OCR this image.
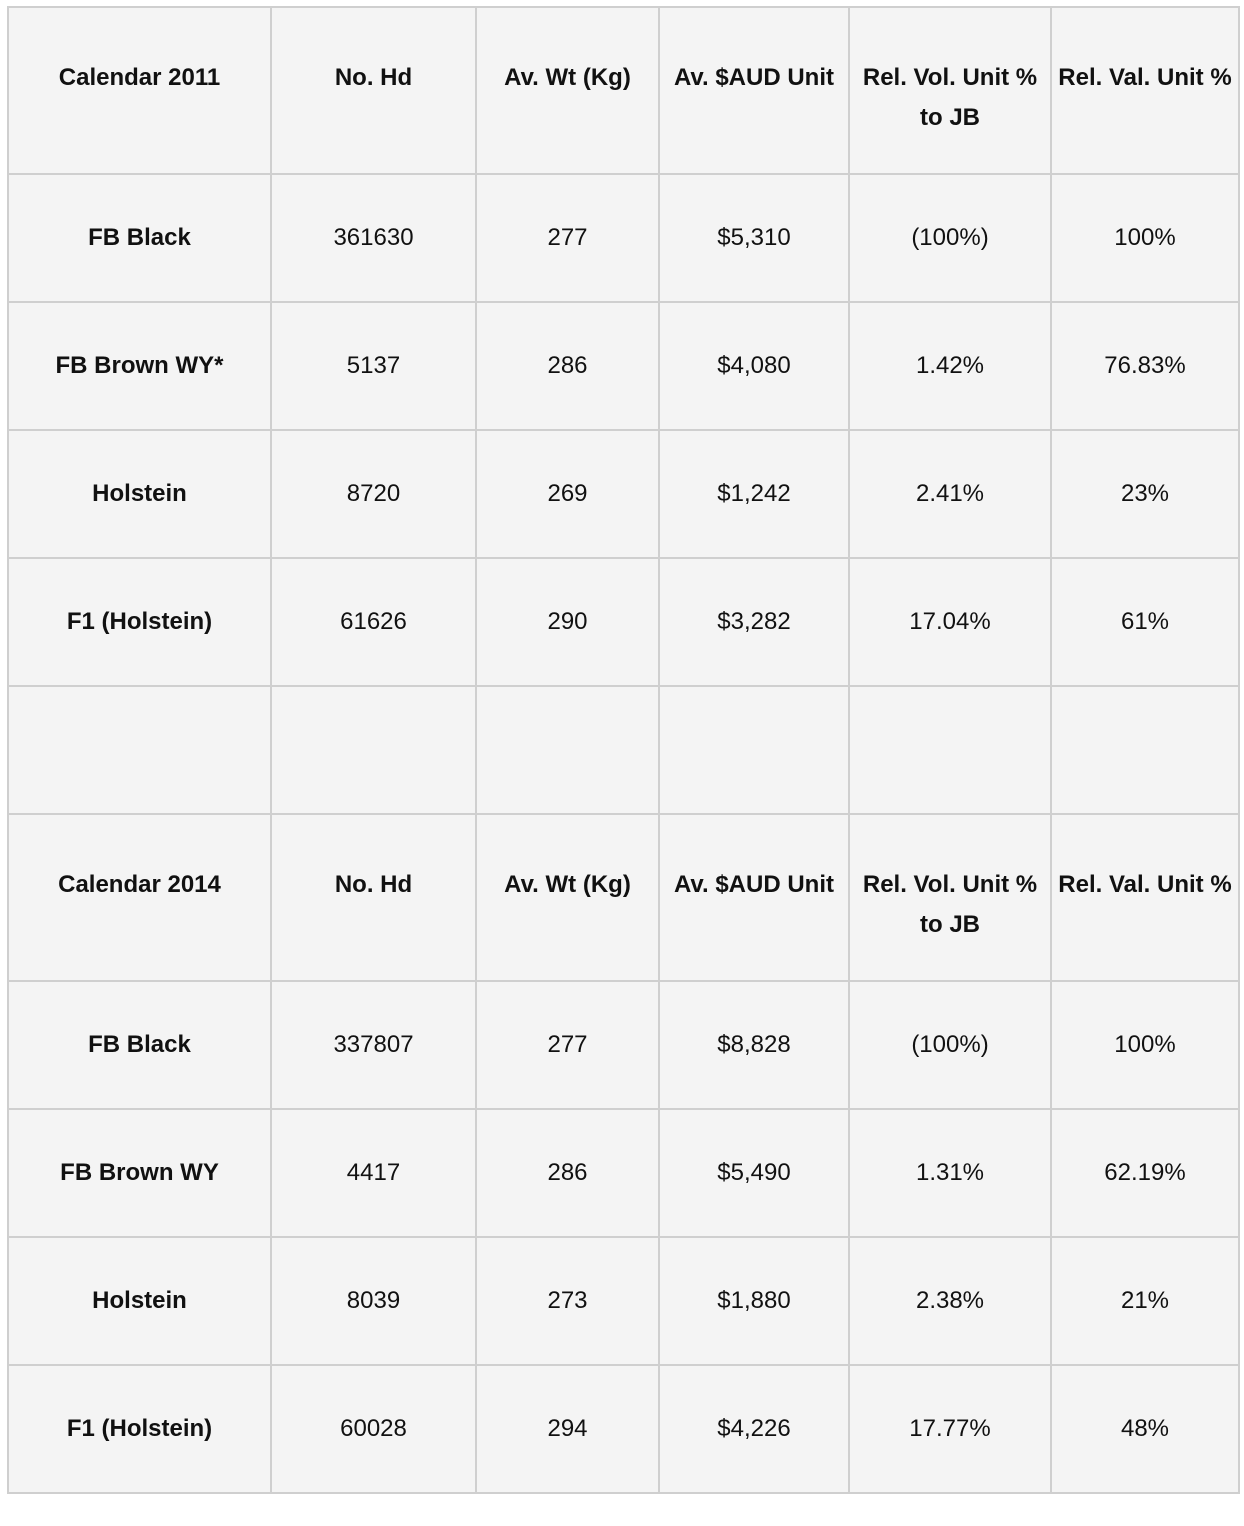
Calendar 2011	No. Hd	Av. Wt (Kg)	Av. $AUD Unit	Rel. Vol. Unit % to JB	Rel. Val. Unit %
FB Black	361630	277	$5,310	(100%)	100%
FB Brown WY*	5137	286	$4,080	1.42%	76.83%
Holstein	8720	269	$1,242	2.41%	23%
F1 (Holstein)	61626	290	$3,282	17.04%	61%

Calendar 2014	No. Hd	Av. Wt (Kg)	Av. $AUD Unit	Rel. Vol. Unit % to JB	Rel. Val. Unit %
FB Black	337807	277	$8,828	(100%)	100%
FB Brown WY	4417	286	$5,490	1.31%	62.19%
Holstein	8039	273	$1,880	2.38%	21%
F1 (Holstein)	60028	294	$4,226	17.77%	48%
